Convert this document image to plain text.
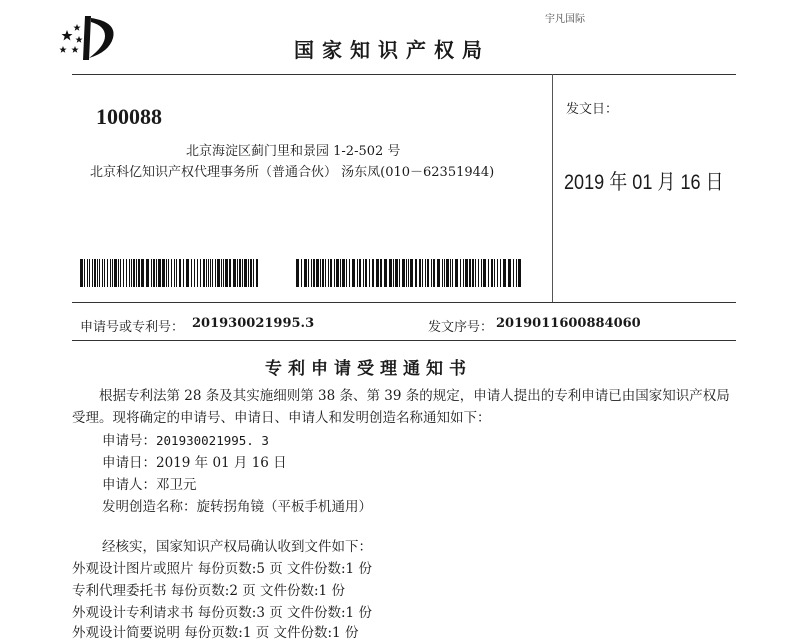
宇凡国际
国家知识产权局
100088
北京海淀区蓟门里和景园 1-2-502 号
北京科亿知识产权代理事务所（普通合伙） 汤东凤(010－62351944)
发文日：
2019 年 01 月 16 日
申请号或专利号： 201930021995.3	发文序号： 2019011600884060
专利申请受理通知书
根据专利法第 28 条及其实施细则第 38 条、第 39 条的规定，申请人提出的专利申请已由国家知识产权局受理。现将确定的申请号、申请日、申请人和发明创造名称通知如下：
申请号：201930021995. 3
申请日：2019 年 01 月 16 日
申请人：邓卫元
发明创造名称：旋转拐角镜（平板手机通用）
经核实，国家知识产权局确认收到文件如下：
外观设计图片或照片 每份页数:5 页 文件份数:1 份
专利代理委托书 每份页数:2 页 文件份数:1 份
外观设计专利请求书 每份页数:3 页 文件份数:1 份
外观设计简要说明 每份页数:1 页 文件份数:1 份
